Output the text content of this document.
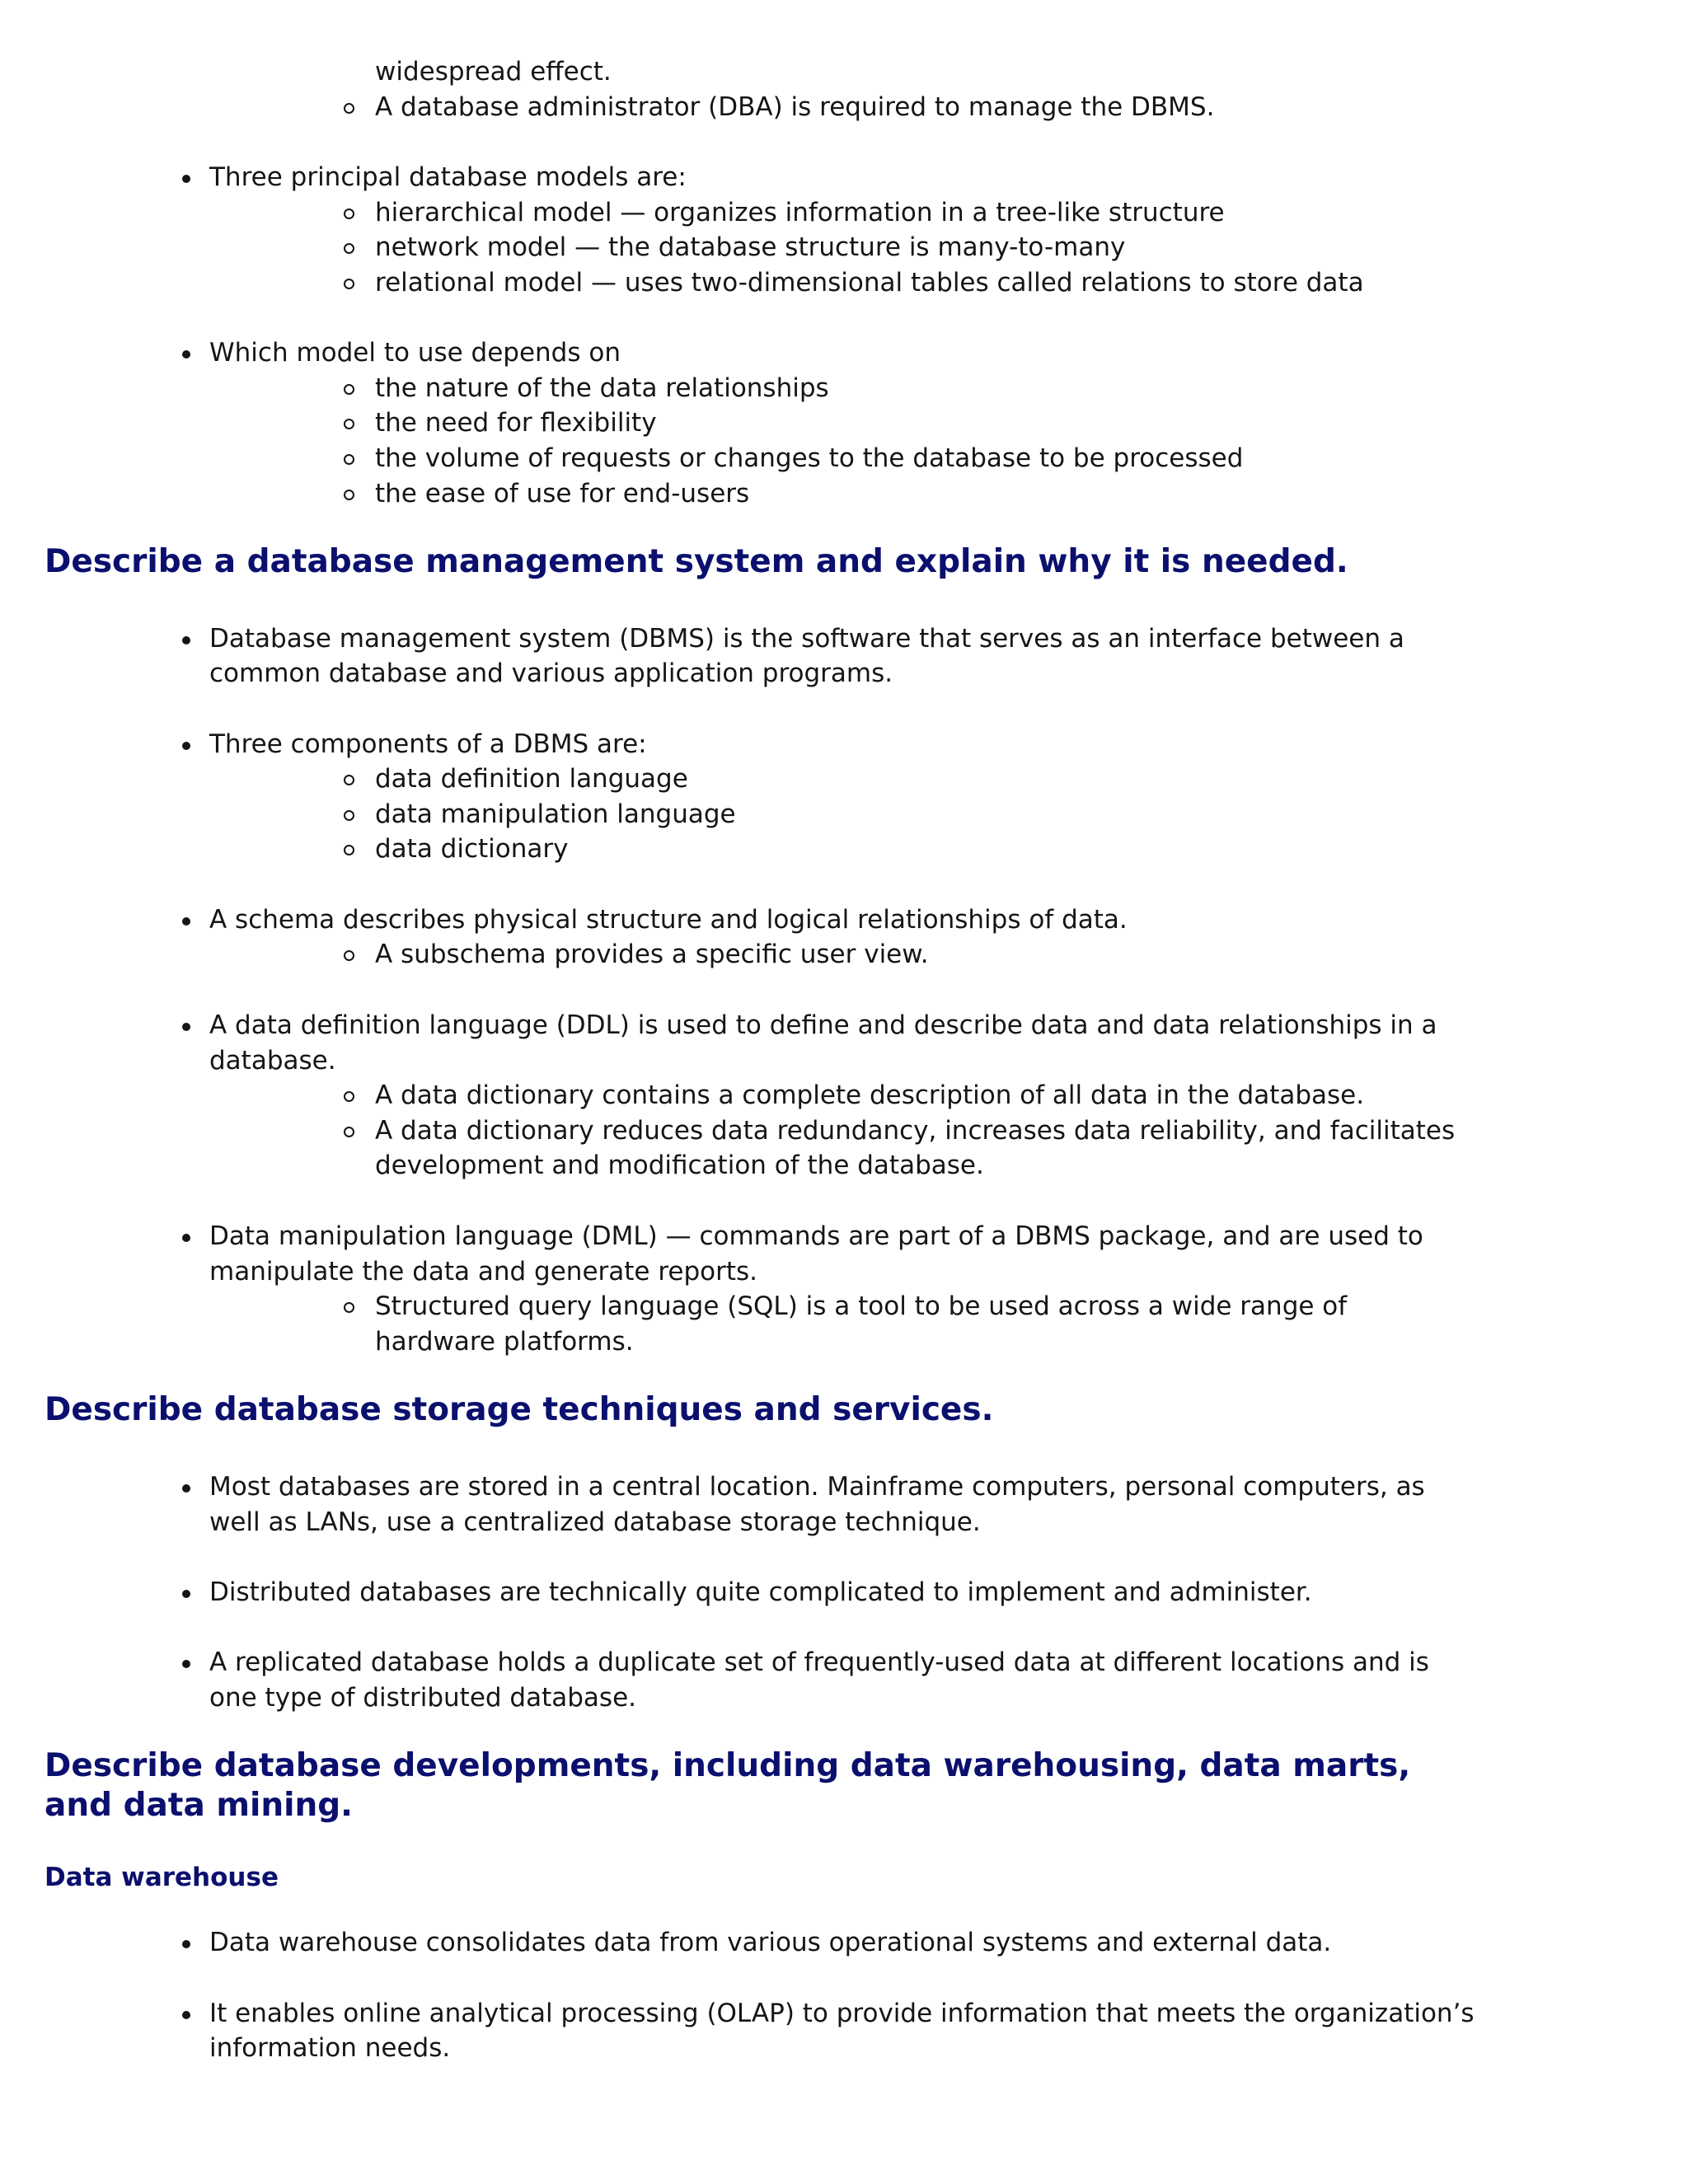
widespread effect.
A database administrator (DBA) is required to manage the DBMS.
Three principal database models are:
hierarchical model — organizes information in a tree-like structure
network model — the database structure is many-to-many
relational model — uses two-dimensional tables called relations to store data
Which model to use depends on
the nature of the data relationships
the need for flexibility
the volume of requests or changes to the database to be processed
the ease of use for end-users
Describe a database management system and explain why it is needed.
Database management system (DBMS) is the software that serves as an interface between a
common database and various application programs.
Three components of a DBMS are:
data definition language
data manipulation language
data dictionary
A schema describes physical structure and logical relationships of data.
A subschema provides a specific user view.
A data definition language (DDL) is used to define and describe data and data relationships in a
database.
A data dictionary contains a complete description of all data in the database.
A data dictionary reduces data redundancy, increases data reliability, and facilitates
development and modification of the database.
Data manipulation language (DML) — commands are part of a DBMS package, and are used to
manipulate the data and generate reports.
Structured query language (SQL) is a tool to be used across a wide range of
hardware platforms.
Describe database storage techniques and services.
Most databases are stored in a central location. Mainframe computers, personal computers, as
well as LANs, use a centralized database storage technique.
Distributed databases are technically quite complicated to implement and administer.
A replicated database holds a duplicate set of frequently-used data at different locations and is
one type of distributed database.
Describe database developments, including data warehousing, data marts,
and data mining.
Data warehouse
Data warehouse consolidates data from various operational systems and external data.
It enables online analytical processing (OLAP) to provide information that meets the organization’s
information needs.
